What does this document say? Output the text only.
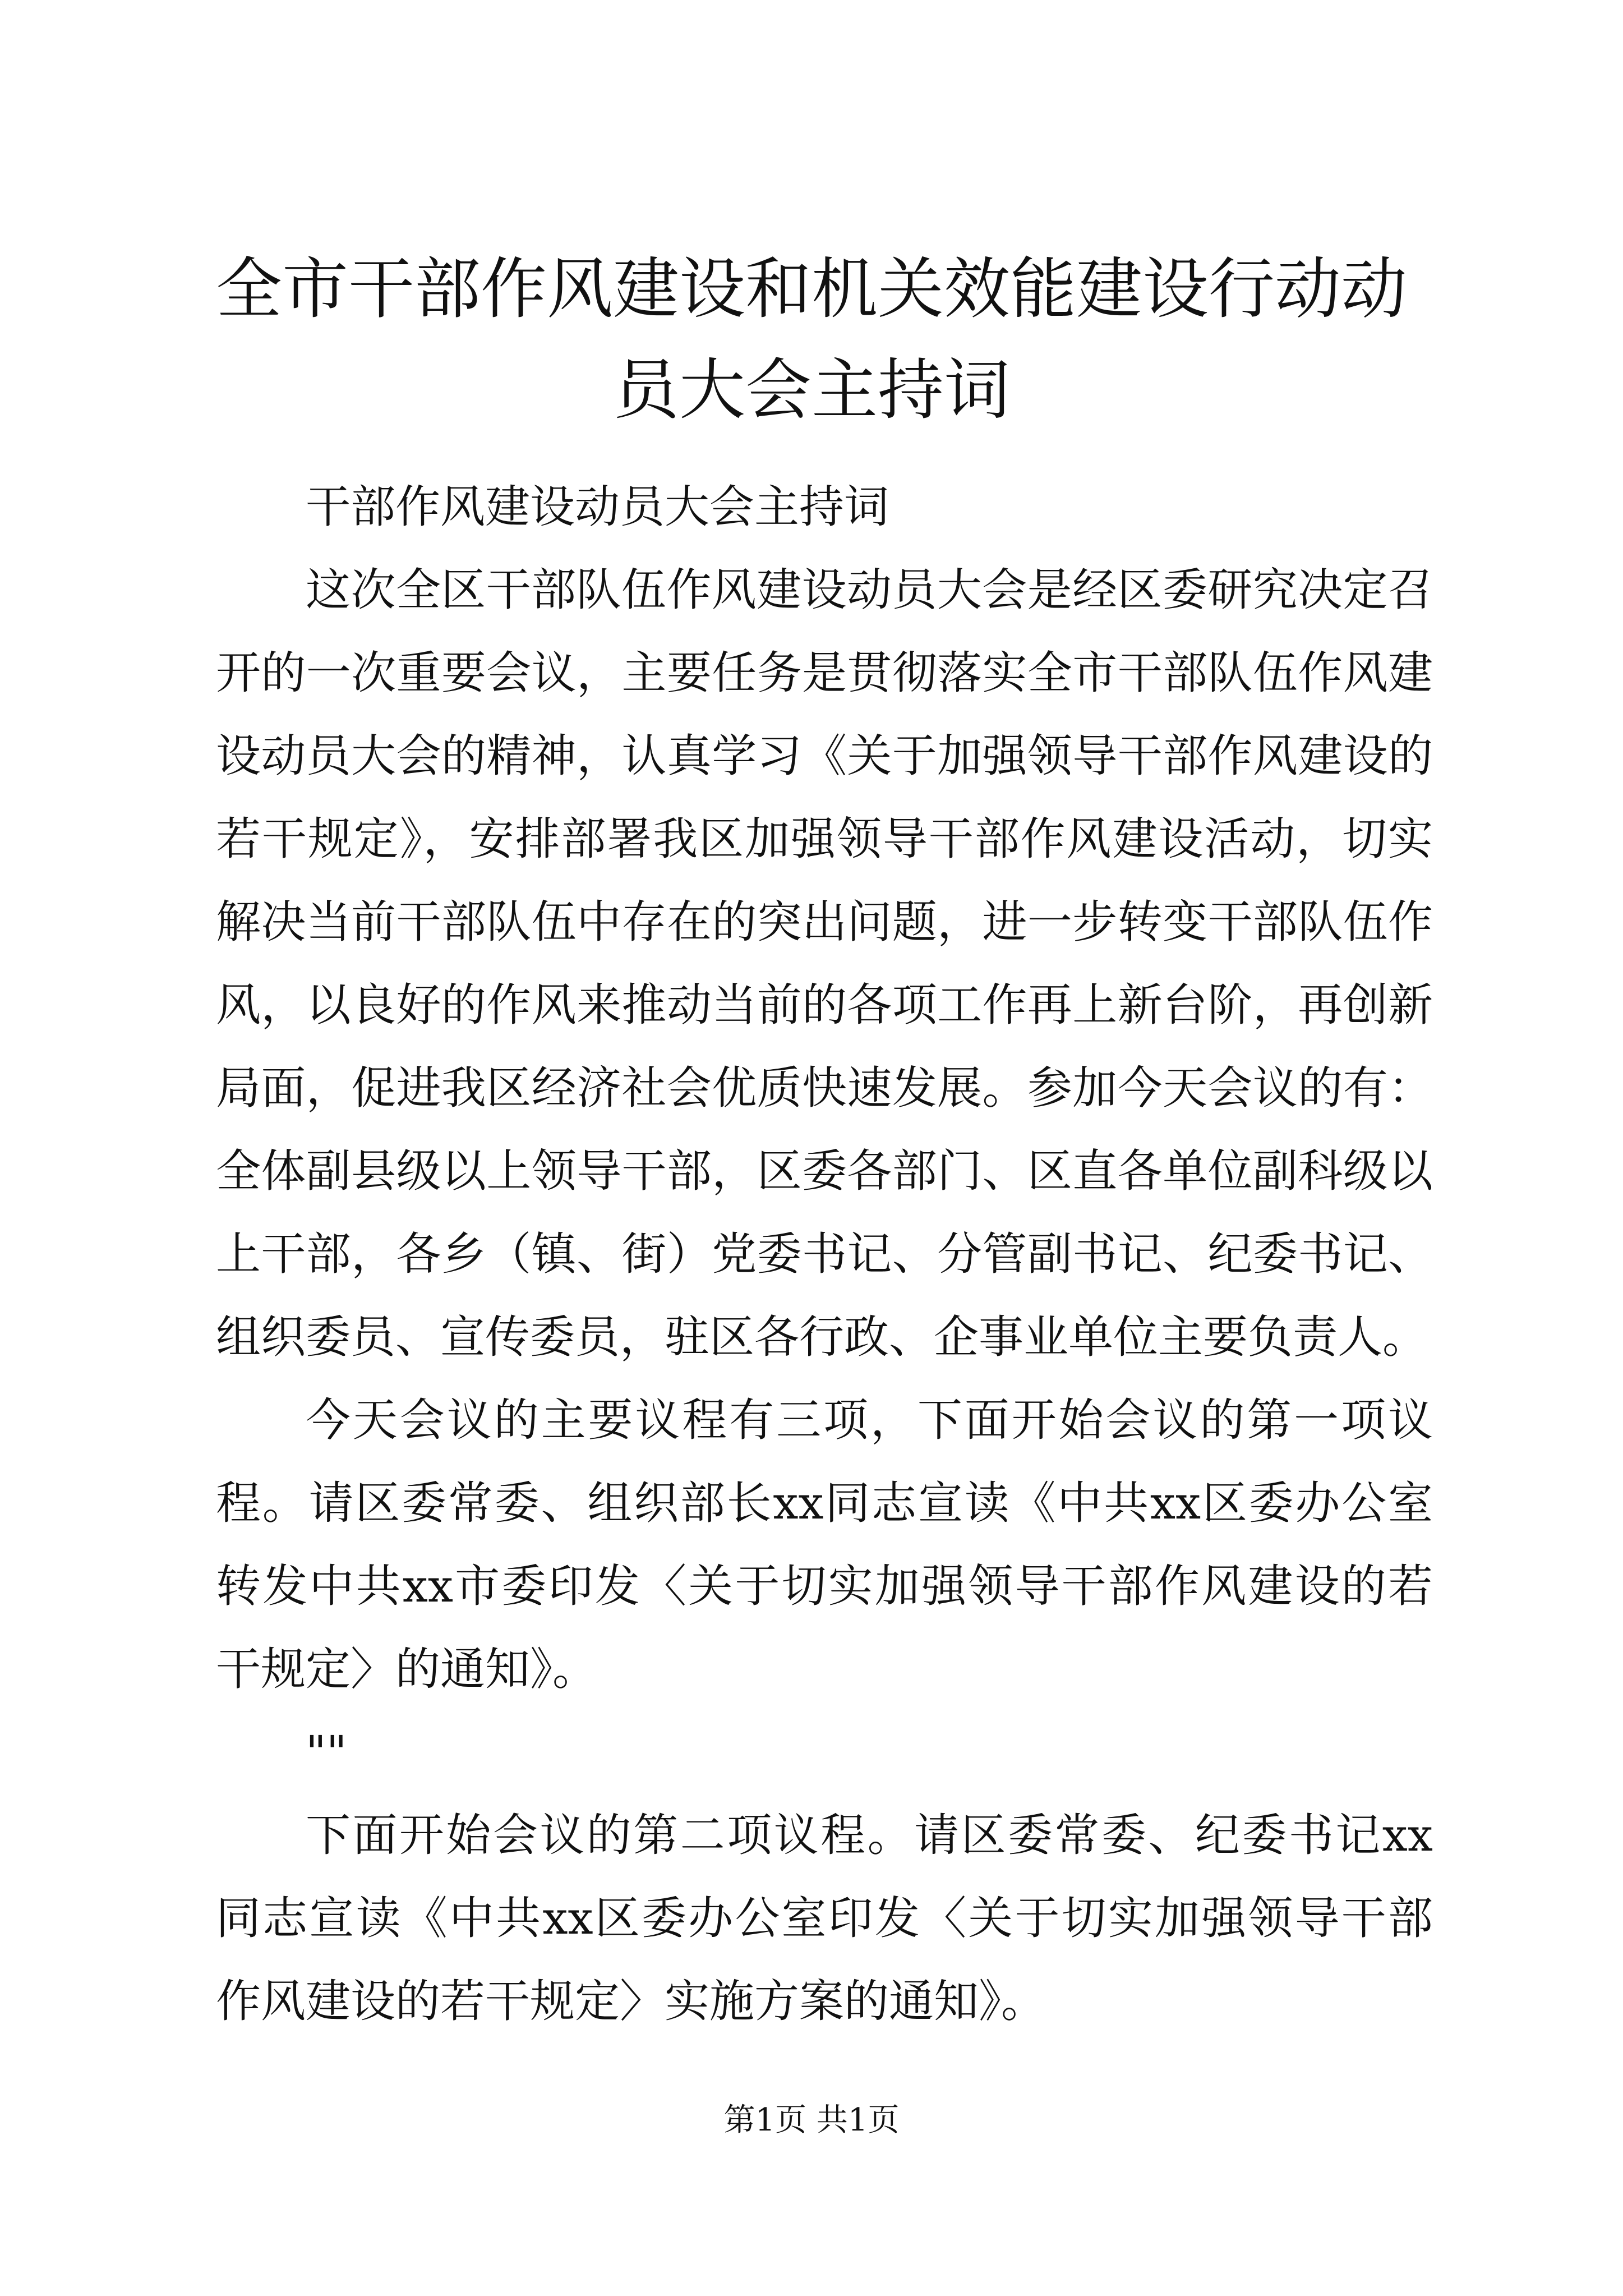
全市干部作风建设和机关效能建设行动动员大会主持词

干部作风建设动员大会主持词

这次全区干部队伍作风建设动员大会是经区委研究决定召开的一次重要会议，主要任务是贯彻落实全市干部队伍作风建设动员大会的精神，认真学习《关于加强领导干部作风建设的若干规定》，安排部署我区加强领导干部作风建设活动，切实解决当前干部队伍中存在的突出问题，进一步转变干部队伍作风，以良好的作风来推动当前的各项工作再上新台阶，再创新局面，促进我区经济社会优质快速发展。参加今天会议的有：全体副县级以上领导干部，区委各部门、区直各单位副科级以上干部，各乡（镇、街）党委书记、分管副书记、纪委书记、组织委员、宣传委员，驻区各行政、企事业单位主要负责人。

今天会议的主要议程有三项，下面开始会议的第一项议程。请区委常委、组织部长xx同志宣读《中共xx区委办公室转发中共xx市委印发〈关于切实加强领导干部作风建设的若干规定〉的通知》。

""

下面开始会议的第二项议程。请区委常委、纪委书记xx同志宣读《中共xx区委办公室印发〈关于切实加强领导干部作风建设的若干规定〉实施方案的通知》。

第1页 共1页
